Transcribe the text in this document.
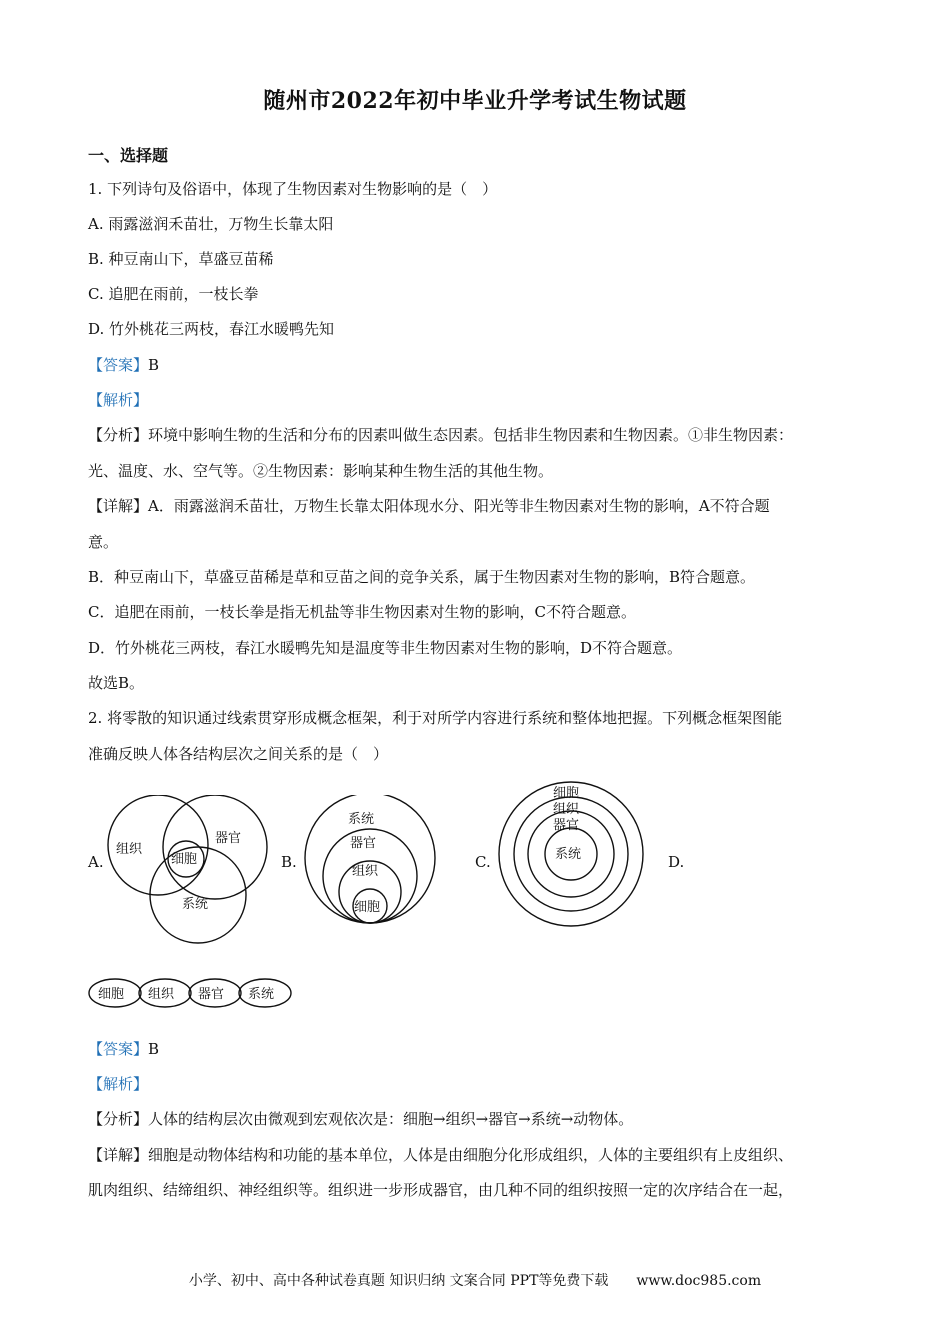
随州市2022年初中毕业升学考试生物试题
一、选择题
1. 下列诗句及俗语中，体现了生物因素对生物影响的是（　）
A. 雨露滋润禾苗壮，万物生长靠太阳
B. 种豆南山下，草盛豆苗稀
C. 追肥在雨前，一枝长拳
D. 竹外桃花三两枝，春江水暖鸭先知
【答案】B
【解析】
【分析】环境中影响生物的生活和分布的因素叫做生态因素。包括非生物因素和生物因素。①非生物因素：
光、温度、水、空气等。②生物因素：影响某种生物生活的其他生物。
【详解】A．雨露滋润禾苗壮，万物生长靠太阳体现水分、阳光等非生物因素对生物的影响，A不符合题
意。
B．种豆南山下，草盛豆苗稀是草和豆苗之间的竞争关系，属于生物因素对生物的影响，B符合题意。
C．追肥在雨前，一枝长拳是指无机盐等非生物因素对生物的影响，C不符合题意。
D．竹外桃花三两枝，春江水暖鸭先知是温度等非生物因素对生物的影响，D不符合题意。
故选B。
2. 将零散的知识通过线索贯穿形成概念框架，利于对所学内容进行系统和整体地把握。下列概念框架图能
准确反映人体各结构层次之间关系的是（　）
A.	B.	C.	D.
组织
器官
细胞
系统
系统
器官
组织
细胞
细胞
组织
器官
系统
细胞 组织 器官 系统
【答案】B
【解析】
【分析】人体的结构层次由微观到宏观依次是：细胞→组织→器官→系统→动物体。
【详解】细胞是动物体结构和功能的基本单位，人体是由细胞分化形成组织，人体的主要组织有上皮组织、
肌肉组织、结缔组织、神经组织等。组织进一步形成器官，由几种不同的组织按照一定的次序结合在一起，
小学、初中、高中各种试卷真题 知识归纳 文案合同 PPT等免费下载　　www.doc985.com
